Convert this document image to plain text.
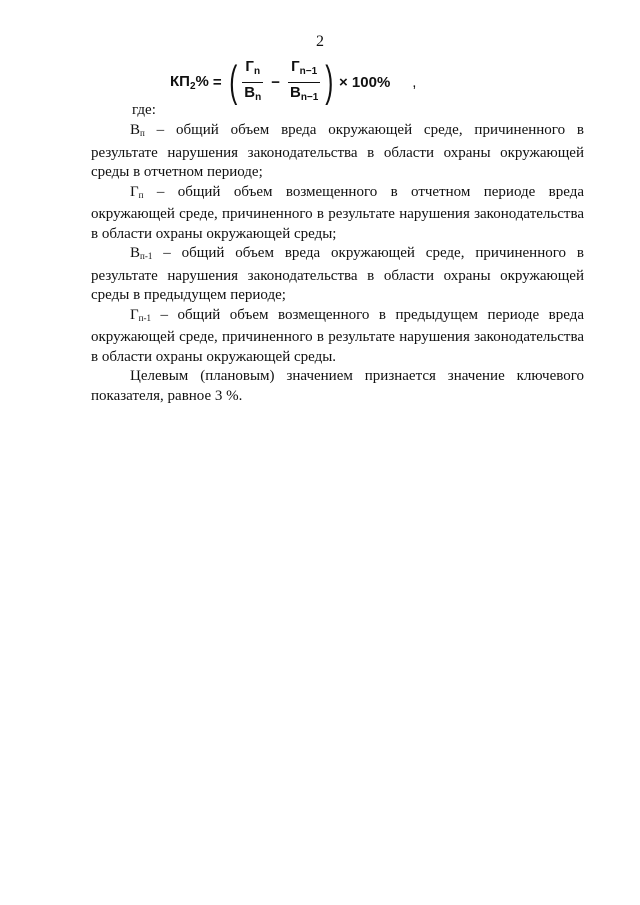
2
$КП_2\%$ = ( $\frac{Г_n}{В_n} - \frac{Г_{n-1}}{В_{n-1}}$ ) × 100% ,
где:

Вп – общий объем вреда окружающей среде, причиненного в результате нарушения законодательства в области охраны окружающей среды в отчетном периоде;

Гп – общий объем возмещенного в отчетном периоде вреда окружающей среде, причиненного в результате нарушения законодательства в области охраны окружающей среды;

Вп-1 – общий объем вреда окружающей среде, причиненного в результате нарушения законодательства в области охраны окружающей среды в предыдущем периоде;

Гп-1 – общий объем возмещенного в предыдущем периоде вреда окружающей среде, причиненного в результате нарушения законодательства в области охраны окружающей среды.

Целевым (плановым) значением признается значение ключевого показателя, равное 3 %.
